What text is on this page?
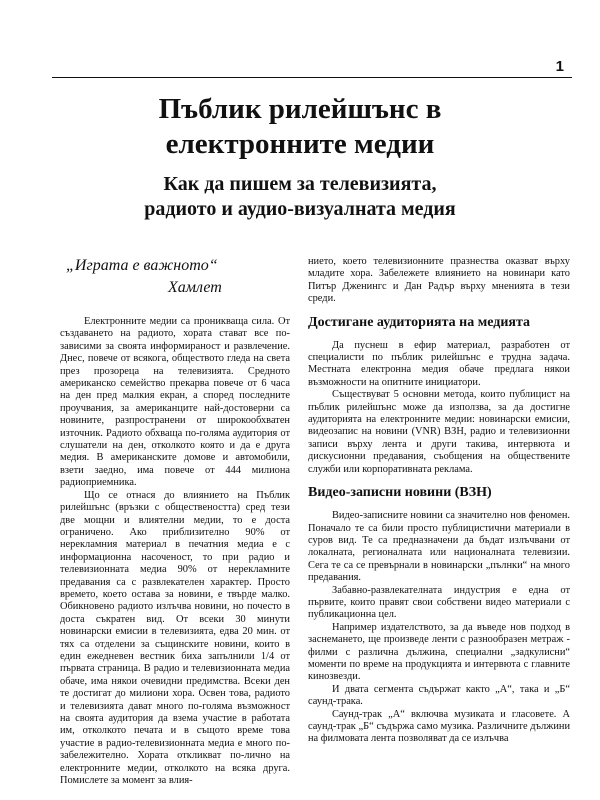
1
Пъблик рилейшънс в
електронните медии
Как да пишем за телевизията,
радиото и аудио-визуалната медия
„Играта е важното“
Хамлет

Електронните медии са проникваща сила. От създаването на радиото, хората стават все по-зависими за своята информираност и развлечение. Днес, повече от всякога, обществото гледа на света през прозореца на телевизията. Средното американско семейство прекарва повече от 6 часа на ден пред малкия екран, а според последните проучвания, за американците най-достоверни са новините, разпространени от широкообхватен източник. Радиото обхваща по-голяма аудитория от слушатели на ден, отколкото която и да е друга медия. В американските домове и автомобили, взети заедно, има повече от 444 милиона радиоприемника.

Що се отнася до влиянието на Пъблик рилейшънс (връзки с обществеността) сред тези двe мощни и влиятелни медии, то е доста ограничено. Ако приблизително 90% от нерекламния материал в печатния медиа е с информационна насоченост, то при радио и телевизионната медиа 90% от нерекламните предавания са с развлекателен характер. Просто времето, което остава за новини, е твърде малко. Обикновено радиото излъчва новини, но почесто в доста съкратен вид. От всеки 30 минути новинарски емисии в телевизията, едва 20 мин. от тях са отделени за същинските новини, които в един ежедневен вестник биха запълнили 1/4 от първата страница. В радио и телевизионната медиа обаче, има някои очевидни предимства. Всеки ден те достигат до милиони хора. Освен това, радиото и телевизията дават много по-голяма възможност на своята аудитория да взема участие в работата им, отколкото печата и в същото време това участие в радио-телевизионната медиа е много по-забележително. Хората откликват по-лично на електронните медии, отколкото на всяка друга. Помислете за момент за влия-

нието, което телевизионните празнества оказват върху младите хора. Забележете влиянието на новинари като Питър Дженингс и Дан Радър върху мненията в тези среди.

Достигане аудиторията на медията

Да пуснеш в ефир материал, разработен от специалисти по пъблик рилейшънс е трудна задача. Местната електронна медия обаче предлага някои възможности на опитните инициатори.

Съществуват 5 основни метода, които публицист на пъблик рилейшънс може да използва, за да достигне аудиторията на електронните медии: новинарски емисии, видеозапис на новини (VNR) ВЗН, радио и телевизионни записи върху лента и други такива, интервюта и дискусионни предавания, съобщения на обществените служби или корпоративната реклама.

Видео-записни новини (ВЗН)

Видео-записните новини са значително нов феномен. Поначало те са били просто публицистични материали в суров вид. Те са предназначени да бъдат излъчвани от локалната, регионалната или националната телевизии. Сега те са се превърнали в новинарски „пълнки“ на много предавания.

Забавно-развлекателната индустрия е една от първите, които правят свои собствени видео материали с публикационна цел.

Например издателството, за да въведе нов подход в заснемането, ще произведе ленти с разнообразен метраж - филми с различна дължина, специални „задкулисни“ моменти по време на продукцията и интервюта с главните кинозвезди.

И двата сегмента съдържат както „А“, така и „Б“ саунд-трака.

Саунд-трак „А“ включва музиката и гласовете. А саунд-трак „Б“ съдържа само музика. Различните дължини на филмовата лента позволяват да се излъчва
